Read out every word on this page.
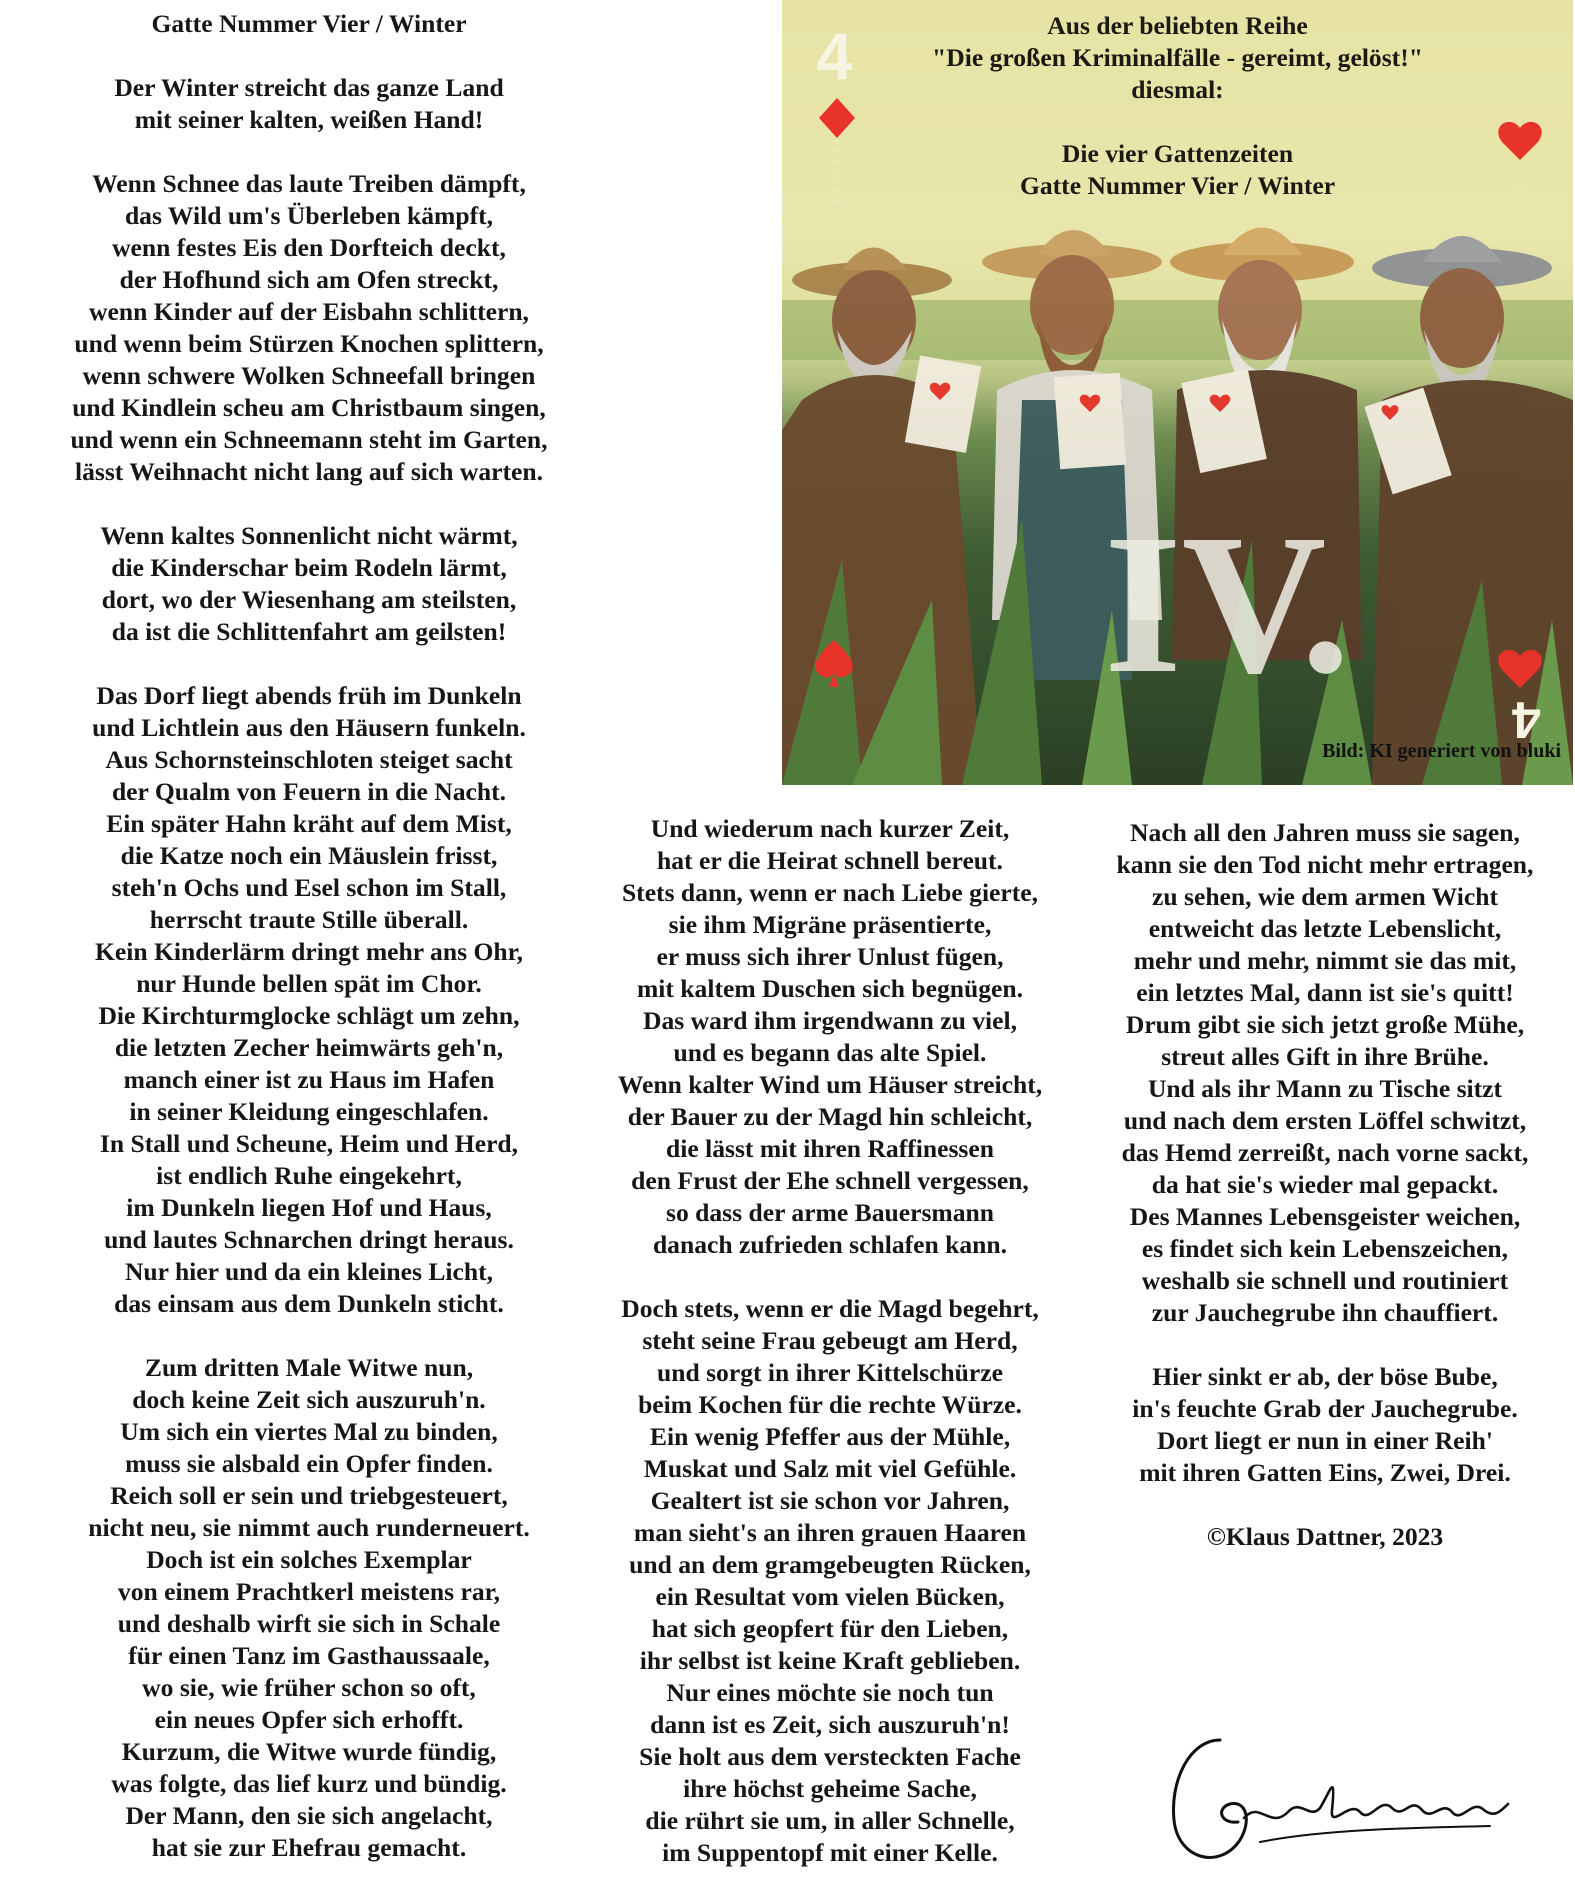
Gatte Nummer Vier / Winter
Der Winter streicht das ganze Land
mit seiner kalten, weißen Hand!
Wenn Schnee das laute Treiben dämpft,
das Wild um's Überleben kämpft,
wenn festes Eis den Dorfteich deckt,
der Hofhund sich am Ofen streckt,
wenn Kinder auf der Eisbahn schlittern,
und wenn beim Stürzen Knochen splittern,
wenn schwere Wolken Schneefall bringen
und Kindlein scheu am Christbaum singen,
und wenn ein Schneemann steht im Garten,
lässt Weihnacht nicht lang auf sich warten.
Wenn kaltes Sonnenlicht nicht wärmt,
die Kinderschar beim Rodeln lärmt,
dort, wo der Wiesenhang am steilsten,
da ist die Schlittenfahrt am geilsten!
Das Dorf liegt abends früh im Dunkeln
und Lichtlein aus den Häusern funkeln.
Aus Schornsteinschloten steiget sacht
der Qualm von Feuern in die Nacht.
Ein später Hahn kräht auf dem Mist,
die Katze noch ein Mäuslein frisst,
steh'n Ochs und Esel schon im Stall,
herrscht traute Stille überall.
Kein Kinderlärm dringt mehr ans Ohr,
nur Hunde bellen spät im Chor.
Die Kirchturmglocke schlägt um zehn,
die letzten Zecher heimwärts geh'n,
manch einer ist zu Haus im Hafen
in seiner Kleidung eingeschlafen.
In Stall und Scheune, Heim und Herd,
ist endlich Ruhe eingekehrt,
im Dunkeln liegen Hof und Haus,
und lautes Schnarchen dringt heraus.
Nur hier und da ein kleines Licht,
das einsam aus dem Dunkeln sticht.
Zum dritten Male Witwe nun,
doch keine Zeit sich auszuruh'n.
Um sich ein viertes Mal zu binden,
muss sie alsbald ein Opfer finden.
Reich soll er sein und triebgesteuert,
nicht neu, sie nimmt auch runderneuert.
Doch ist ein solches Exemplar
von einem Prachtkerl meistens rar,
und deshalb wirft sie sich in Schale
für einen Tanz im Gasthaussaale,
wo sie, wie früher schon so oft,
ein neues Opfer sich erhofft.
Kurzum, die Witwe wurde fündig,
was folgte, das lief kurz und bündig.
Der Mann, den sie sich angelacht,
hat sie zur Ehefrau gemacht.
Aus der beliebten Reihe
"Die großen Kriminalfälle - gereimt, gelöst!"
diesmal:
Die vier Gattenzeiten
Gatte Nummer Vier / Winter
4
IV.
4
Bild: KI generiert von bluki
Und wiederum nach kurzer Zeit,
hat er die Heirat schnell bereut.
Stets dann, wenn er nach Liebe gierte,
sie ihm Migräne präsentierte,
er muss sich ihrer Unlust fügen,
mit kaltem Duschen sich begnügen.
Das ward ihm irgendwann zu viel,
und es begann das alte Spiel.
Wenn kalter Wind um Häuser streicht,
der Bauer zu der Magd hin schleicht,
die lässt mit ihren Raffinessen
den Frust der Ehe schnell vergessen,
so dass der arme Bauersmann
danach zufrieden schlafen kann.
Doch stets, wenn er die Magd begehrt,
steht seine Frau gebeugt am Herd,
und sorgt in ihrer Kittelschürze
beim Kochen für die rechte Würze.
Ein wenig Pfeffer aus der Mühle,
Muskat und Salz mit viel Gefühle.
Gealtert ist sie schon vor Jahren,
man sieht's an ihren grauen Haaren
und an dem gramgebeugten Rücken,
ein Resultat vom vielen Bücken,
hat sich geopfert für den Lieben,
ihr selbst ist keine Kraft geblieben.
Nur eines möchte sie noch tun
dann ist es Zeit, sich auszuruh'n!
Sie holt aus dem versteckten Fache
ihre höchst geheime Sache,
die rührt sie um, in aller Schnelle,
im Suppentopf mit einer Kelle.
Nach all den Jahren muss sie sagen,
kann sie den Tod nicht mehr ertragen,
zu sehen, wie dem armen Wicht
entweicht das letzte Lebenslicht,
mehr und mehr, nimmt sie das mit,
ein letztes Mal, dann ist sie's quitt!
Drum gibt sie sich jetzt große Mühe,
streut alles Gift in ihre Brühe.
Und als ihr Mann zu Tische sitzt
und nach dem ersten Löffel schwitzt,
das Hemd zerreißt, nach vorne sackt,
da hat sie's wieder mal gepackt.
Des Mannes Lebensgeister weichen,
es findet sich kein Lebenszeichen,
weshalb sie schnell und routiniert
zur Jauchegrube ihn chauffiert.
Hier sinkt er ab, der böse Bube,
in's feuchte Grab der Jauchegrube.
Dort liegt er nun in einer Reih'
mit ihren Gatten Eins, Zwei, Drei.
©Klaus Dattner, 2023
